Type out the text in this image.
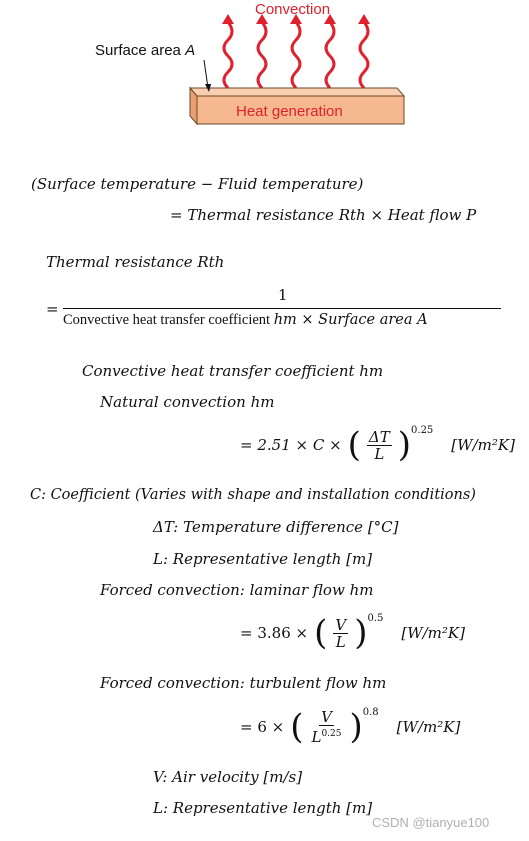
Convection
Surface area A
Heat generation
(Surface temperature − Fluid temperature)
= Thermal resistance Rth × Heat flow P
Thermal resistance Rth
=
1
Convective heat transfer coefficient hm × Surface area A
Convective heat transfer coefficient hm
Natural convection hm
= 2.51 × C × ( $\frac{\Delta T}{L} )^{0.25}$
[W/m²K]
C: Coefficient (Varies with shape and installation conditions)
ΔT: Temperature difference [°C]
L: Representative length [m]
Forced convection: laminar flow hm
= 3.86 × ( $\frac{V}{L} )^{0.5}$
[W/m²K]
Forced convection: turbulent flow hm
= 6 × ( $\frac{V}{L^{0.25}} )^{0.8}$
[W/m²K]
V: Air velocity [m/s]
L: Representative length [m]
CSDN @tianyue100
